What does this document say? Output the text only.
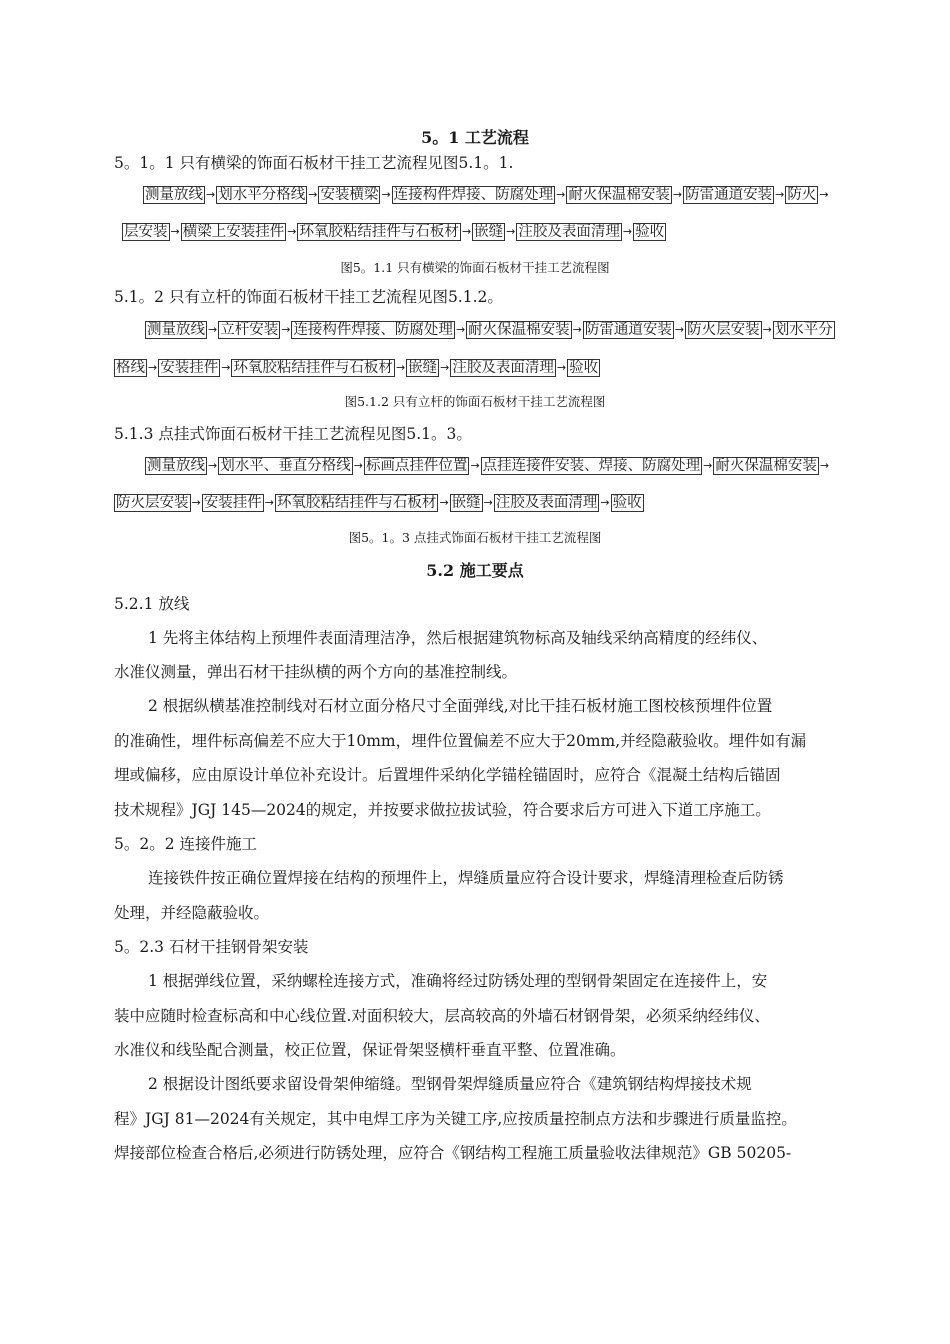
5。1 工艺流程
5。1。1 只有横梁的饰面石板材干挂工艺流程见图5.1。1.
测量放线 → 划水平分格线 → 安装横梁 → 连接构件焊接、防腐处理 → 耐火保温棉安装 → 防雷通道安装 →防火 →
层安装 → 横梁上安装挂件 → 环氧胶粘结挂件与石板材 → 嵌缝 → 注胶及表面清理 → 验收
图5。1.1 只有横梁的饰面石板材干挂工艺流程图
5.1。2 只有立杆的饰面石板材干挂工艺流程见图5.1.2。
测量放线 → 立杆安装 → 连接构件焊接、防腐处理 → 耐火保温棉安装 → 防雷通道安装 → 防火层安装 → 划水平分
格线 → 安装挂件 → 环氧胶粘结挂件与石板材 → 嵌缝 → 注胶及表面清理 → 验收
图5.1.2 只有立杆的饰面石板材干挂工艺流程图
5.1.3 点挂式饰面石板材干挂工艺流程见图5.1。3。
测量放线 → 划水平、垂直分格线 → 标画点挂件位置 → 点挂连接件安装、焊接、防腐处理 → 耐火保温棉安装 →
防火层安装 → 安装挂件 → 环氧胶粘结挂件与石板材 → 嵌缝 → 注胶及表面清理 → 验收
图5。1。3 点挂式饰面石板材干挂工艺流程图
5.2 施工要点
5.2.1 放线
1 先将主体结构上预埋件表面清理洁净，然后根据建筑物标高及轴线采纳高精度的经纬仪、
水准仪测量，弹出石材干挂纵横的两个方向的基准控制线。
2 根据纵横基准控制线对石材立面分格尺寸全面弹线,对比干挂石板材施工图校核预埋件位置
的准确性，埋件标高偏差不应大于10mm，埋件位置偏差不应大于20mm,并经隐蔽验收。埋件如有漏
埋或偏移，应由原设计单位补充设计。后置埋件采纳化学锚栓锚固时，应符合《混凝土结构后锚固
技术规程》JGJ 145—2024的规定，并按要求做拉拔试验，符合要求后方可进入下道工序施工。
5。2。2 连接件施工
连接铁件按正确位置焊接在结构的预埋件上，焊缝质量应符合设计要求，焊缝清理检查后防锈
处理，并经隐蔽验收。
5。2.3 石材干挂钢骨架安装
1 根据弹线位置，采纳螺栓连接方式，准确将经过防锈处理的型钢骨架固定在连接件上，安
装中应随时检查标高和中心线位置.对面积较大，层高较高的外墙石材钢骨架，必须采纳经纬仪、
水准仪和线坠配合测量，校正位置，保证骨架竖横杆垂直平整、位置准确。
2 根据设计图纸要求留设骨架伸缩缝。型钢骨架焊缝质量应符合《建筑钢结构焊接技术规
程》JGJ 81—2024有关规定，其中电焊工序为关键工序,应按质量控制点方法和步骤进行质量监控。
焊接部位检查合格后,必须进行防锈处理，应符合《钢结构工程施工质量验收法律规范》GB 50205-
